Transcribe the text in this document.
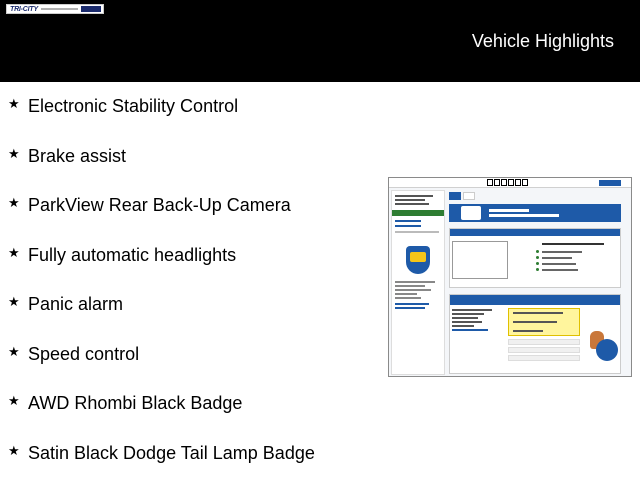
TRI-CITY
Vehicle Highlights
★ Electronic Stability Control
★ Brake assist
★ ParkView Rear Back-Up Camera
★ Fully automatic headlights
★ Panic alarm
★ Speed control
★ AWD Rhombi Black Badge
★ Satin Black Dodge Tail Lamp Badge
